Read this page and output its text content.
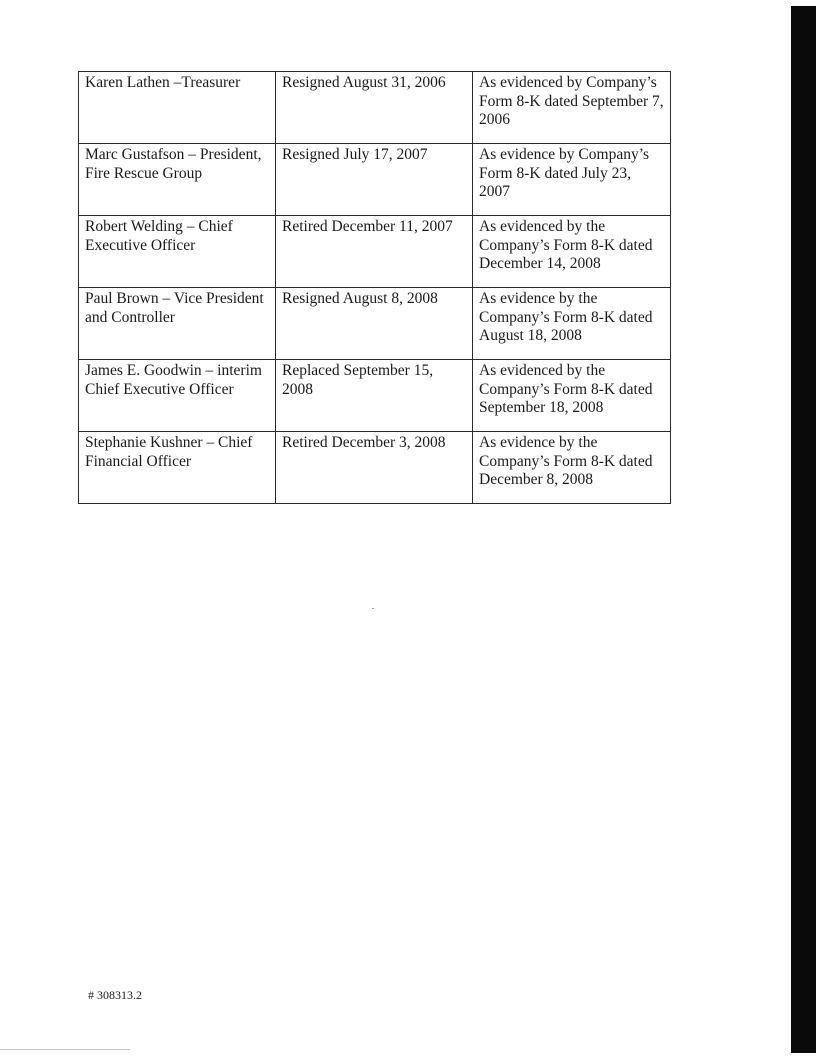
Karen Lathen –Treasurer	Resigned August 31, 2006	As evidenced by Company’s Form 8-K dated September 7, 2006
Marc Gustafson – President, Fire Rescue Group	Resigned July 17, 2007	As evidence by Company’s Form 8-K dated July 23, 2007
Robert Welding – Chief Executive Officer	Retired December 11, 2007	As evidenced by the Company’s Form 8-K dated December 14, 2008
Paul Brown – Vice President and Controller	Resigned August 8, 2008	As evidence by the Company’s Form 8-K dated August 18, 2008
James E. Goodwin – interim Chief Executive Officer	Replaced September 15, 2008	As evidenced by the Company’s Form 8-K dated September 18, 2008
Stephanie Kushner – Chief Financial Officer	Retired December 3, 2008	As evidence by the Company’s Form 8-K dated December 8, 2008
# 308313.2
